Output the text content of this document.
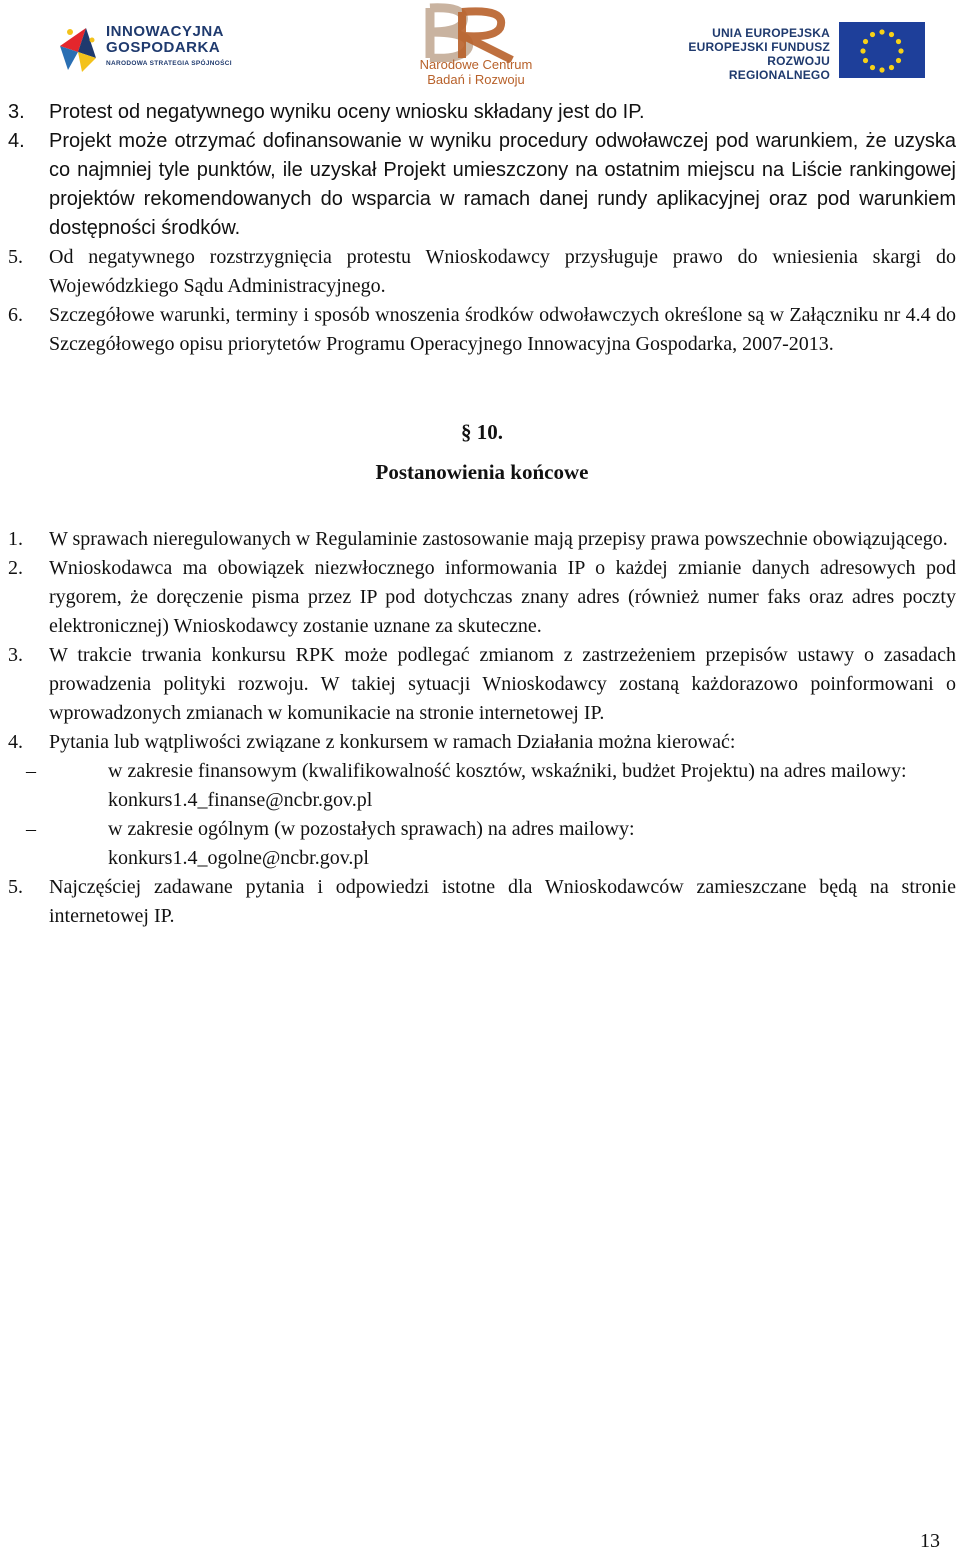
INNOWACYJNA
GOSPODARKA
NARODOWA STRATEGIA SPÓJNOŚCI	Narodowe Centrum
Badań i Rozwoju
UNIA EUROPEJSKA
EUROPEJSKI FUNDUSZ
ROZWOJU REGIONALNEGO
3.	Protest od negatywnego wyniku oceny wniosku składany jest do IP.
4.	Projekt może otrzymać dofinansowanie w wyniku procedury odwoławczej pod warunkiem, że uzyska co najmniej tyle punktów, ile uzyskał Projekt umieszczony na ostatnim miejscu na Liście rankingowej projektów rekomendowanych do wsparcia w ramach danej rundy aplikacyjnej oraz pod warunkiem dostępności środków.
5.	Od negatywnego rozstrzygnięcia protestu Wnioskodawcy przysługuje prawo do wniesienia skargi do Wojewódzkiego Sądu Administracyjnego.
6.	Szczegółowe warunki, terminy i sposób wnoszenia środków odwoławczych określone są w Załączniku nr 4.4 do Szczegółowego opisu priorytetów Programu Operacyjnego Innowacyjna Gospodarka, 2007-2013.
§ 10.
Postanowienia końcowe
1.	W sprawach nieregulowanych w Regulaminie zastosowanie mają przepisy prawa powszechnie obowiązującego.
2.	Wnioskodawca ma obowiązek niezwłocznego informowania IP o każdej zmianie danych adresowych pod rygorem, że doręczenie pisma przez IP pod dotychczas znany adres (również numer faks oraz adres poczty elektronicznej) Wnioskodawcy zostanie uznane za skuteczne.
3.	W trakcie trwania konkursu RPK może podlegać zmianom z zastrzeżeniem przepisów ustawy o zasadach prowadzenia polityki rozwoju. W takiej sytuacji Wnioskodawcy zostaną każdorazowo poinformowani o wprowadzonych zmianach w komunikacie na stronie internetowej IP.
4.	Pytania lub wątpliwości związane z konkursem w ramach Działania można kierować:
–	w zakresie finansowym (kwalifikowalność kosztów, wskaźniki, budżet Projektu) na adres mailowy:
konkurs1.4_finanse@ncbr.gov.pl
–	w zakresie ogólnym (w pozostałych sprawach) na adres mailowy:
konkurs1.4_ogolne@ncbr.gov.pl
5.	Najczęściej zadawane pytania i odpowiedzi istotne dla Wnioskodawców zamieszczane będą na stronie internetowej IP.
13
